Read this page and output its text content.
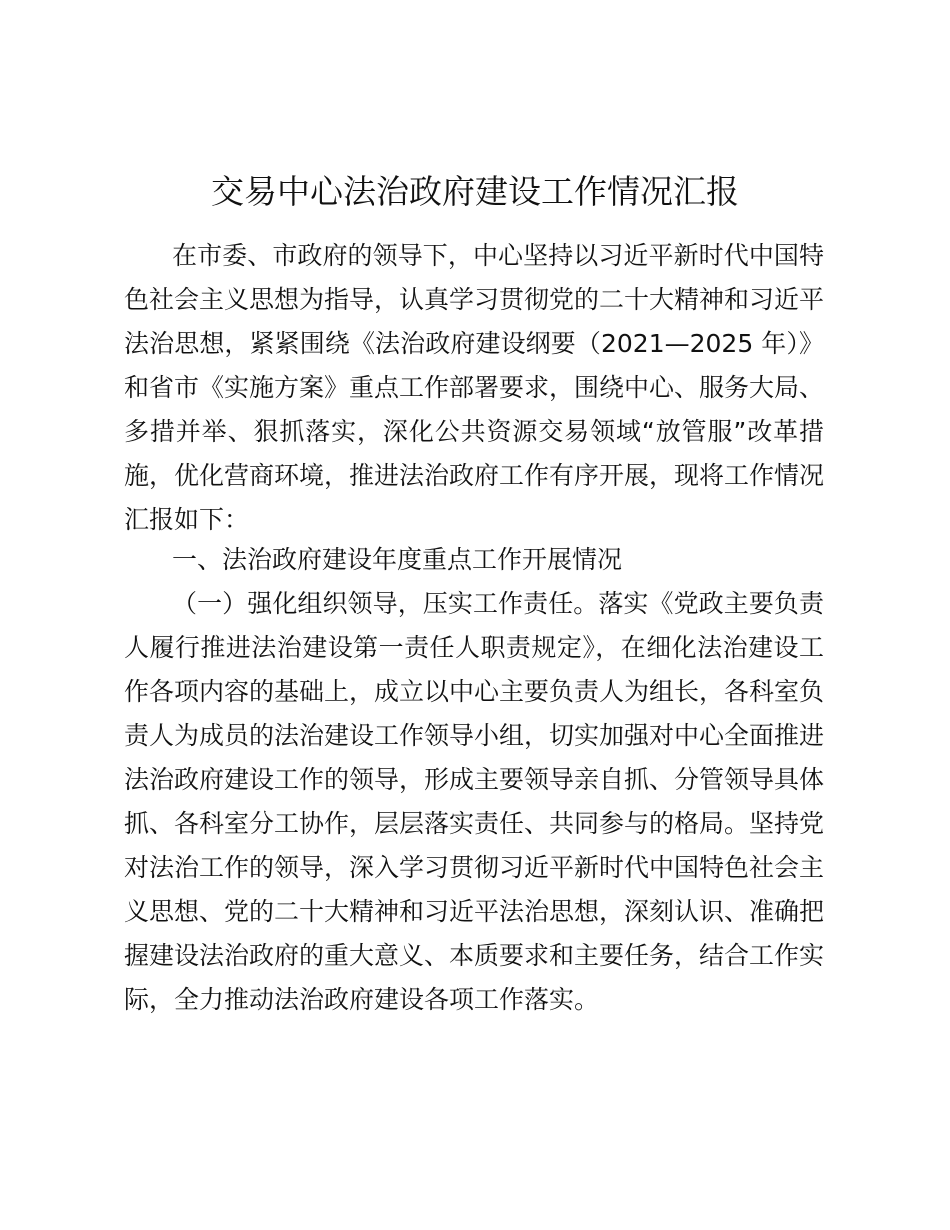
交易中心法治政府建设工作情况汇报
在市委、市政府的领导下，中心坚持以习近平新时代中国特
色社会主义思想为指导，认真学习贯彻党的二十大精神和习近平
法治思想，紧紧围绕《法治政府建设纲要（2021—2025 年）》
和省市《实施方案》重点工作部署要求，围绕中心、服务大局、
多措并举、狠抓落实，深化公共资源交易领域“放管服”改革措
施，优化营商环境，推进法治政府工作有序开展，现将工作情况
汇报如下：
一、法治政府建设年度重点工作开展情况
（一）强化组织领导，压实工作责任。落实《党政主要负责
人履行推进法治建设第一责任人职责规定》，在细化法治建设工
作各项内容的基础上，成立以中心主要负责人为组长，各科室负
责人为成员的法治建设工作领导小组，切实加强对中心全面推进
法治政府建设工作的领导，形成主要领导亲自抓、分管领导具体
抓、各科室分工协作，层层落实责任、共同参与的格局。坚持党
对法治工作的领导，深入学习贯彻习近平新时代中国特色社会主
义思想、党的二十大精神和习近平法治思想，深刻认识、准确把
握建设法治政府的重大意义、本质要求和主要任务，结合工作实
际，全力推动法治政府建设各项工作落实。
